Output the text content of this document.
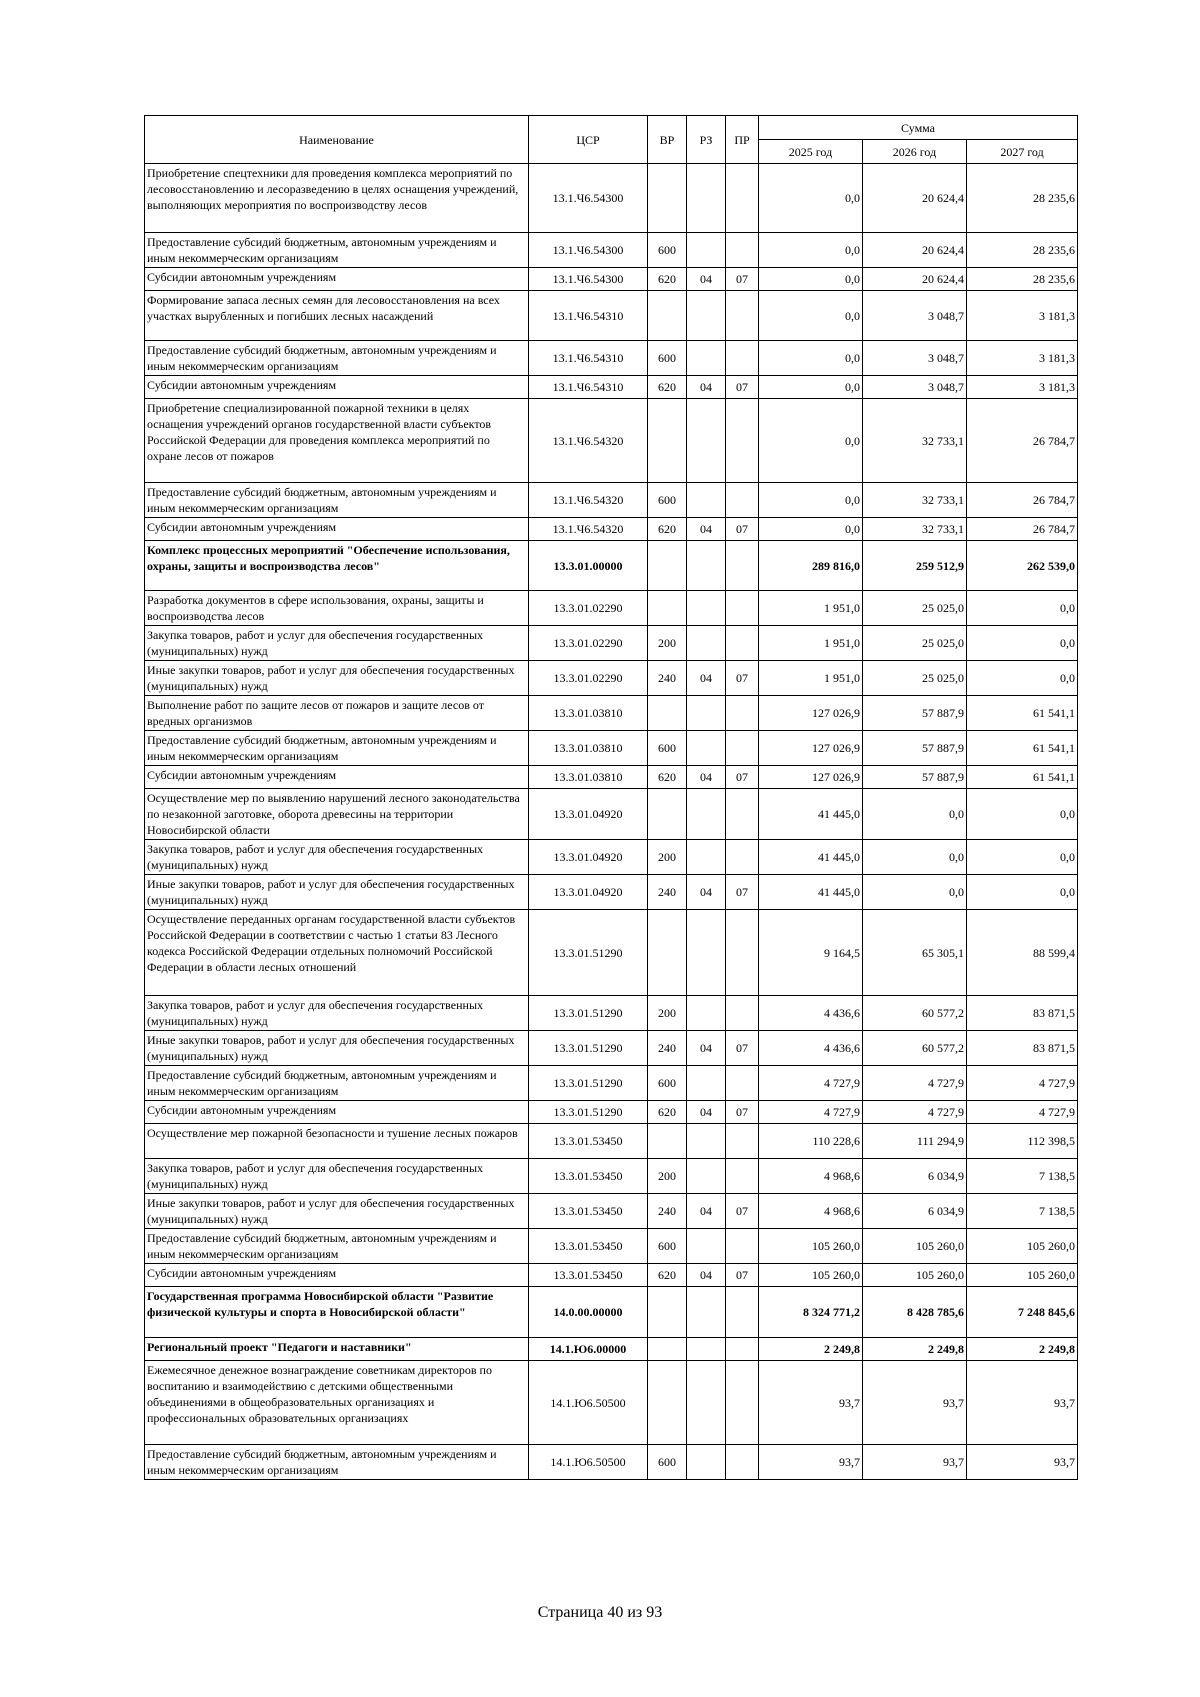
Наименование	ЦСР	ВР	РЗ	ПР	Сумма		
					2025 год	2026 год	2027 год
Приобретение спецтехники для проведения комплекса мероприятий по лесовосстановлению и лесоразведению в целях оснащения учреждений, выполняющих мероприятия по воспроизводству лесов	13.1.Ч6.54300				0,0	20 624,4	28 235,6
Предоставление субсидий бюджетным, автономным учреждениям и иным некоммерческим организациям	13.1.Ч6.54300	600			0,0	20 624,4	28 235,6
Субсидии автономным учреждениям	13.1.Ч6.54300	620	04	07	0,0	20 624,4	28 235,6
Формирование запаса лесных семян для лесовосстановления на всех участках вырубленных и погибших лесных насаждений	13.1.Ч6.54310				0,0	3 048,7	3 181,3
Предоставление субсидий бюджетным, автономным учреждениям и иным некоммерческим организациям	13.1.Ч6.54310	600			0,0	3 048,7	3 181,3
Субсидии автономным учреждениям	13.1.Ч6.54310	620	04	07	0,0	3 048,7	3 181,3
Приобретение специализированной пожарной техники в целях оснащения учреждений органов государственной власти субъектов Российской Федерации для проведения комплекса мероприятий по охране лесов от пожаров	13.1.Ч6.54320				0,0	32 733,1	26 784,7
Предоставление субсидий бюджетным, автономным учреждениям и иным некоммерческим организациям	13.1.Ч6.54320	600			0,0	32 733,1	26 784,7
Субсидии автономным учреждениям	13.1.Ч6.54320	620	04	07	0,0	32 733,1	26 784,7
Комплекс процессных мероприятий "Обеспечение использования, охраны, защиты и воспроизводства лесов"	13.3.01.00000				289 816,0	259 512,9	262 539,0
Разработка документов в сфере использования, охраны, защиты и воспроизводства лесов	13.3.01.02290				1 951,0	25 025,0	0,0
Закупка товаров, работ и услуг для обеспечения государственных (муниципальных) нужд	13.3.01.02290	200			1 951,0	25 025,0	0,0
Иные закупки товаров, работ и услуг для обеспечения государственных (муниципальных) нужд	13.3.01.02290	240	04	07	1 951,0	25 025,0	0,0
Выполнение работ по защите лесов от пожаров и защите лесов от вредных организмов	13.3.01.03810				127 026,9	57 887,9	61 541,1
Предоставление субсидий бюджетным, автономным учреждениям и иным некоммерческим организациям	13.3.01.03810	600			127 026,9	57 887,9	61 541,1
Субсидии автономным учреждениям	13.3.01.03810	620	04	07	127 026,9	57 887,9	61 541,1
Осуществление мер по выявлению нарушений лесного законодательства по незаконной заготовке, оборота древесины на территории Новосибирской области	13.3.01.04920				41 445,0	0,0	0,0
Закупка товаров, работ и услуг для обеспечения государственных (муниципальных) нужд	13.3.01.04920	200			41 445,0	0,0	0,0
Иные закупки товаров, работ и услуг для обеспечения государственных (муниципальных) нужд	13.3.01.04920	240	04	07	41 445,0	0,0	0,0
Осуществление переданных органам государственной власти субъектов Российской Федерации в соответствии с частью 1 статьи 83 Лесного кодекса Российской Федерации отдельных полномочий Российской Федерации в области лесных отношений	13.3.01.51290				9 164,5	65 305,1	88 599,4
Закупка товаров, работ и услуг для обеспечения государственных (муниципальных) нужд	13.3.01.51290	200			4 436,6	60 577,2	83 871,5
Иные закупки товаров, работ и услуг для обеспечения государственных (муниципальных) нужд	13.3.01.51290	240	04	07	4 436,6	60 577,2	83 871,5
Предоставление субсидий бюджетным, автономным учреждениям и иным некоммерческим организациям	13.3.01.51290	600			4 727,9	4 727,9	4 727,9
Субсидии автономным учреждениям	13.3.01.51290	620	04	07	4 727,9	4 727,9	4 727,9
Осуществление мер пожарной безопасности и тушение лесных пожаров	13.3.01.53450				110 228,6	111 294,9	112 398,5
Закупка товаров, работ и услуг для обеспечения государственных (муниципальных) нужд	13.3.01.53450	200			4 968,6	6 034,9	7 138,5
Иные закупки товаров, работ и услуг для обеспечения государственных (муниципальных) нужд	13.3.01.53450	240	04	07	4 968,6	6 034,9	7 138,5
Предоставление субсидий бюджетным, автономным учреждениям и иным некоммерческим организациям	13.3.01.53450	600			105 260,0	105 260,0	105 260,0
Субсидии автономным учреждениям	13.3.01.53450	620	04	07	105 260,0	105 260,0	105 260,0
Государственная программа Новосибирской области "Развитие физической культуры и спорта в Новосибирской области"	14.0.00.00000				8 324 771,2	8 428 785,6	7 248 845,6
Региональный проект "Педагоги и наставники"	14.1.Ю6.00000				2 249,8	2 249,8	2 249,8
Ежемесячное денежное вознаграждение советникам директоров по воспитанию и взаимодействию с детскими общественными объединениями в общеобразовательных организациях и профессиональных образовательных организациях	14.1.Ю6.50500				93,7	93,7	93,7
Предоставление субсидий бюджетным, автономным учреждениям и иным некоммерческим организациям	14.1.Ю6.50500	600			93,7	93,7	93,7
Страница 40 из 93
